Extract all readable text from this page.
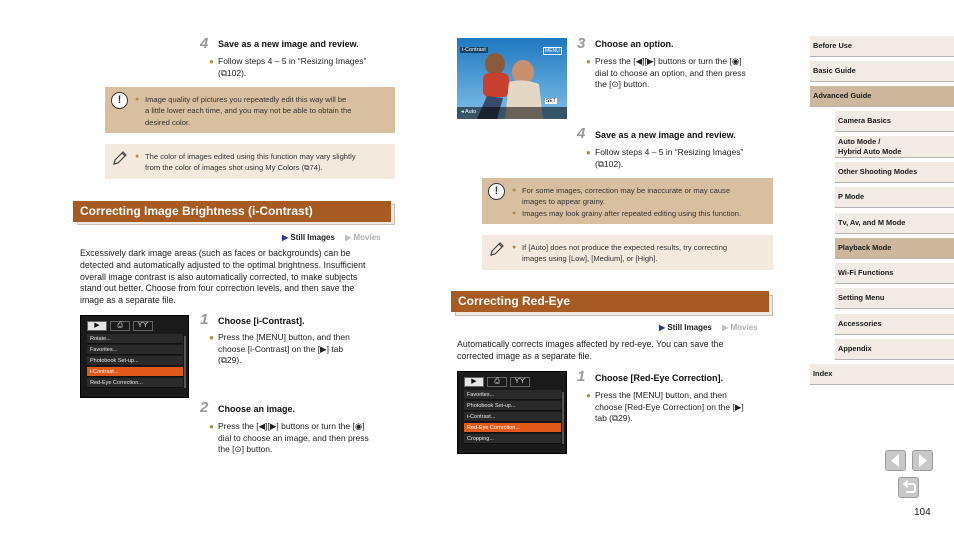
4 Save as a new image and review.
● Follow steps 4 – 5 in “Resizing Images”
(⧉102).
!	● Image quality of pictures you repeatedly edit this way will be
a little lower each time, and you may not be able to obtain the
desired color.
● The color of images edited using this function may vary slightly
from the color of images shot using My Colors (⧉74).
Correcting Image Brightness (i-Contrast)
▶ Still Images ▶ Movies
Excessively dark image areas (such as faces or backgrounds) can be
detected and automatically adjusted to the optimal brightness. Insufficient
overall image contrast is also automatically corrected, to make subjects
stand out better. Choose from four correction levels, and then save the
image as a separate file.
▶	⎙	ϒϒ
Rotate...
Favorites...
Photobook Set-up...
i-Contrast...
Red-Eye Correction...
1 Choose [i-Contrast].
● Press the [MENU] button, and then
choose [i-Contrast] on the [▶] tab
(⧉29).
2 Choose an image.
● Press the [◀][▶] buttons or turn the [◉]
dial to choose an image, and then press
the [⊙] button.
i-Contrast	MENU
SET
◂ Auto
3 Choose an option.
● Press the [◀][▶] buttons or turn the [◉]
dial to choose an option, and then press
the [⊙] button.
4 Save as a new image and review.
● Follow steps 4 – 5 in “Resizing Images”
(⧉102).
!	● For some images, correction may be inaccurate or may cause
images to appear grainy.
● Images may look grainy after repeated editing using this function.
● If [Auto] does not produce the expected results, try correcting
images using [Low], [Medium], or [High].
Correcting Red-Eye
▶ Still Images ▶ Movies
Automatically corrects images affected by red-eye. You can save the
corrected image as a separate file.
▶	⎙	ϒϒ
Favorites...
Photobook Set-up...
i-Contrast...
Red-Eye Correction...
Cropping...
1 Choose [Red-Eye Correction].
● Press the [MENU] button, and then
choose [Red-Eye Correction] on the [▶]
tab (⧉29).
Before Use
Basic Guide
Advanced Guide
Camera Basics
Auto Mode /
Hybrid Auto Mode
Other Shooting Modes
P Mode
Tv, Av, and M Mode
Playback Mode
Wi-Fi Functions
Setting Menu
Accessories
Appendix
Index
104
